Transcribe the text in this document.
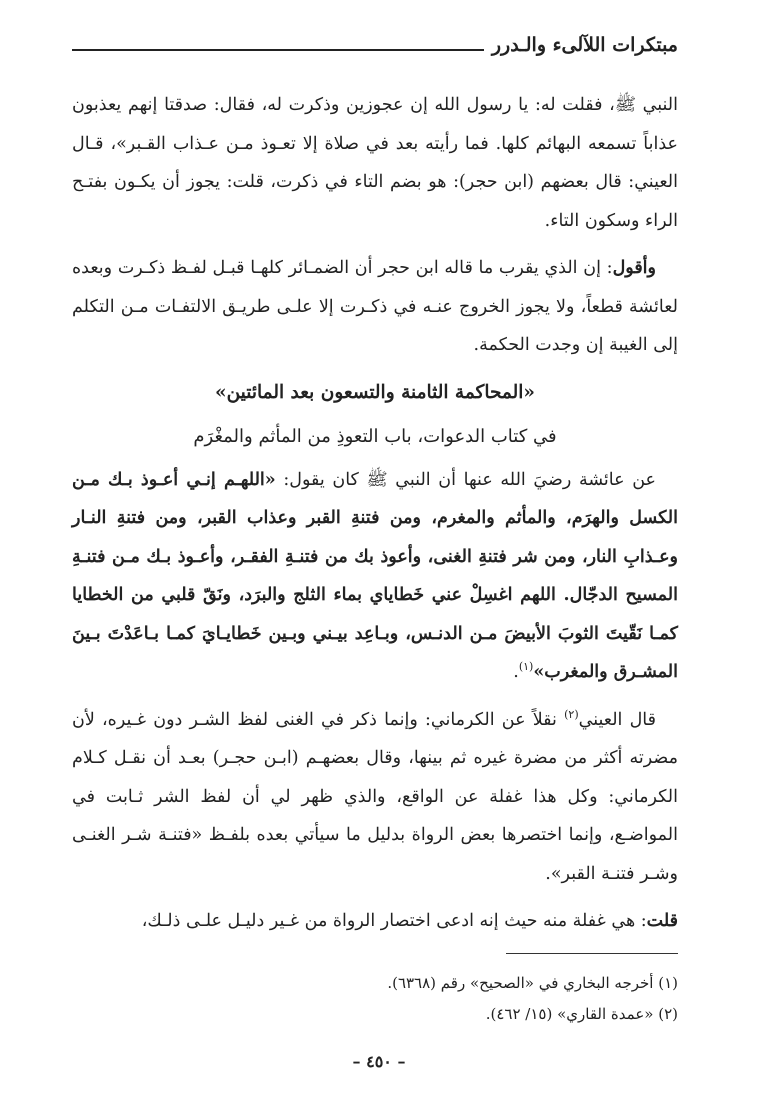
مبتكرات اللآلىء والـدرر

النبي ﷺ، فقلت له: يا رسول الله إن عجوزين وذكرت له، فقال: صدقتا إنهم يعذبون عذاباً تسمعه البهائم كلها. فما رأيته بعد في صلاة إلا تعـوذ مـن عـذاب القـبر»، قـال العيني: قال بعضهم (ابن حجر): هو بضم التاء في ذكرت، قلت: يجوز أن يكـون بفتـح الراء وسكون التاء.

وأقول: إن الذي يقرب ما قاله ابن حجر أن الضمـائر كلهـا قبـل لفـظ ذكـرت وبعده لعائشة قطعاً، ولا يجوز الخروج عنـه في ذكـرت إلا علـى طريـق الالتفـات مـن التكلم إلى الغيبة إن وجدت الحكمة.

«المحاكمة الثامنة والتسعون بعد المائتين»

في كتاب الدعوات، باب التعوذِ من المأثم والمغْرَم

عن عائشة رضيَ الله عنها أن النبي ﷺ كان يقول: «اللهـم إنـي أعـوذ بـك مـن الكسل والهرَم، والمأثم والمغرم، ومن فتنةِ القبر وعذاب القبر، ومن فتنةِ النـار وعـذابِ النار، ومن شر فتنةِ الغنى، وأعوذ بك من فتنـةِ الفقـر، وأعـوذ بـك مـن فتنـةِ المسيح الدجّال. اللهم اغسِلْ عني خَطاياي بماء الثلج والبرَد، ونَقّ قلبي من الخطايا كمـا نَقّيتَ الثوبَ الأبيضَ مـن الدنـس، وبـاعِد بيـني وبـين خَطايـايَ كمـا بـاعَدْتَ بـينَ المشـرق والمغرب»$^{(١)}$.

قال العيني$^{(٢)}$ نقلاً عن الكرماني: وإنما ذكر في الغنى لفظ الشـر دون غـيره، لأن مضرته أكثر من مضرة غيره ثم بينها، وقال بعضهـم (ابـن حجـر) بعـد أن نقـل كـلام الكرماني: وكل هذا غفلة عن الواقع، والذي ظهر لي أن لفظ الشر ثـابت في المواضـع، وإنما اختصرها بعض الرواة بدليل ما سيأتي بعده بلفـظ «فتنـة شـر الغنـى وشـر فتنـة القبر».

قلت: هي غفلة منه حيث إنه ادعى اختصار الرواة من غـير دليـل علـى ذلـك،

(١) أخرجه البخاري في «الصحيح» رقم (٦٣٦٨).
(٢) «عمدة القاري» (١٥/ ٤٦٢).
– ٤٥٠ –
